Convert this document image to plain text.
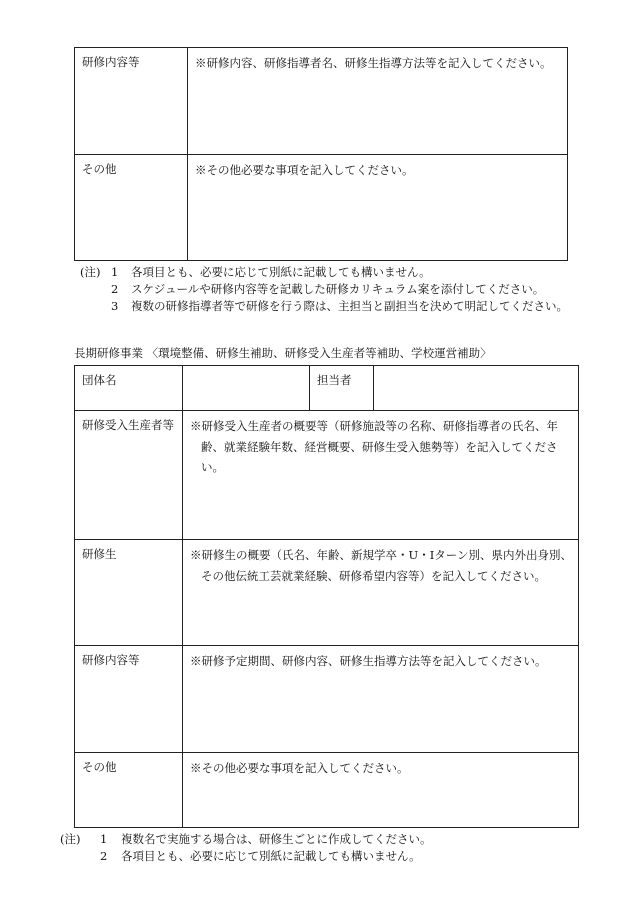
研修内容等	※研修内容、研修指導者名、研修生指導方法等を記入してください。

その他	※その他必要な事項を記入してください。
(注) 1 各項目とも、必要に応じて別紙に記載しても構いません。
2 スケジュールや研修内容等を記載した研修カリキュラム案を添付してください。
3 複数の研修指導者等で研修を行う際は、主担当と副担当を決めて明記してください。
長期研修事業 〈環境整備、研修生補助、研修受入生産者等補助、学校運営補助〉
団体名		担当者	
研修受入生産者等	※研修受入生産者の概要等（研修施設等の名称、研修指導者の氏名、年齢、就業経験年数、経営概要、研修生受入態勢等）を記入してください。		

研修生	※研修生の概要（氏名、年齢、新規学卒・U・Iターン別、県内外出身別、その他伝統工芸就業経験、研修希望内容等）を記入してください。		

研修内容等	※研修予定期間、研修内容、研修生指導方法等を記入してください。		

その他	※その他必要な事項を記入してください。		
(注) 1 複数名で実施する場合は、研修生ごとに作成してください。
2 各項目とも、必要に応じて別紙に記載しても構いません。
